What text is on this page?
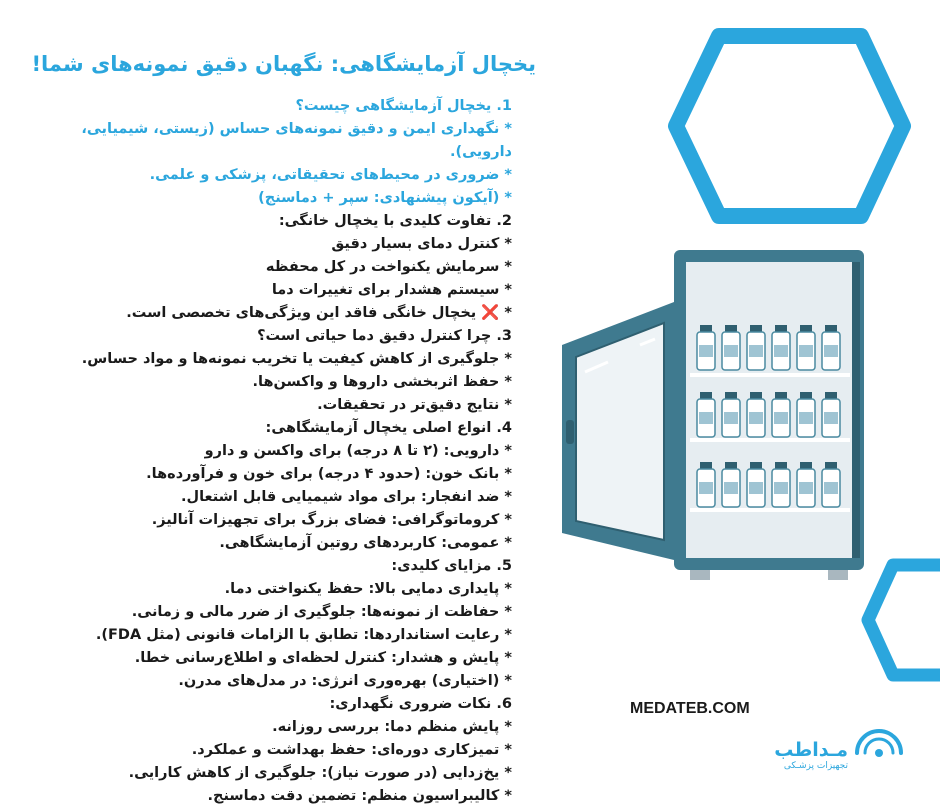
یخچال آزمایشگاهی: نگهبان دقیق نمونه‌های شما!
1. یخچال آزمایشگاهی چیست؟
* نگهداری ایمن و دقیق نمونه‌های حساس (زیستی، شیمیایی،
دارویی).
* ضروری در محیط‌های تحقیقاتی، پزشکی و علمی.
* (آیکون پیشنهادی: سپر + دماسنج)
2. تفاوت کلیدی با یخچال خانگی:
* کنترل دمای بسیار دقیق
* سرمایش یکنواخت در کل محفظه
* سیستم هشدار برای تغییرات دما
* ❌ یخچال خانگی فاقد این ویژگی‌های تخصصی است.
3. چرا کنترل دقیق دما حیاتی است؟
* جلوگیری از کاهش کیفیت یا تخریب نمونه‌ها و مواد حساس.
* حفظ اثربخشی داروها و واکسن‌ها.
* نتایج دقیق‌تر در تحقیقات.
4. انواع اصلی یخچال آزمایشگاهی:
* دارویی: (۲ تا ۸ درجه) برای واکسن و دارو
* بانک خون: (حدود ۴ درجه) برای خون و فرآورده‌ها.
* ضد انفجار: برای مواد شیمیایی قابل اشتعال.
* کروماتوگرافی: فضای بزرگ برای تجهیزات آنالیز.
* عمومی: کاربردهای روتین آزمایشگاهی.
5. مزایای کلیدی:
* پایداری دمایی بالا: حفظ یکنواختی دما.
* حفاظت از نمونه‌ها: جلوگیری از ضرر مالی و زمانی.
* رعایت استانداردها: تطابق با الزامات قانونی (مثل FDA).
* پایش و هشدار: کنترل لحظه‌ای و اطلاع‌رسانی خطا.
* (اختیاری) بهره‌وری انرژی: در مدل‌های مدرن.
6. نکات ضروری نگهداری:
* پایش منظم دما: بررسی روزانه.
* تمیزکاری دوره‌ای: حفظ بهداشت و عملکرد.
* یخ‌زدایی (در صورت نیاز): جلوگیری از کاهش کارایی.
* کالیبراسیون منظم: تضمین دقت دماسنج.
MEDATEB.COM
مـداطب
تجهیزات پزشـکی
